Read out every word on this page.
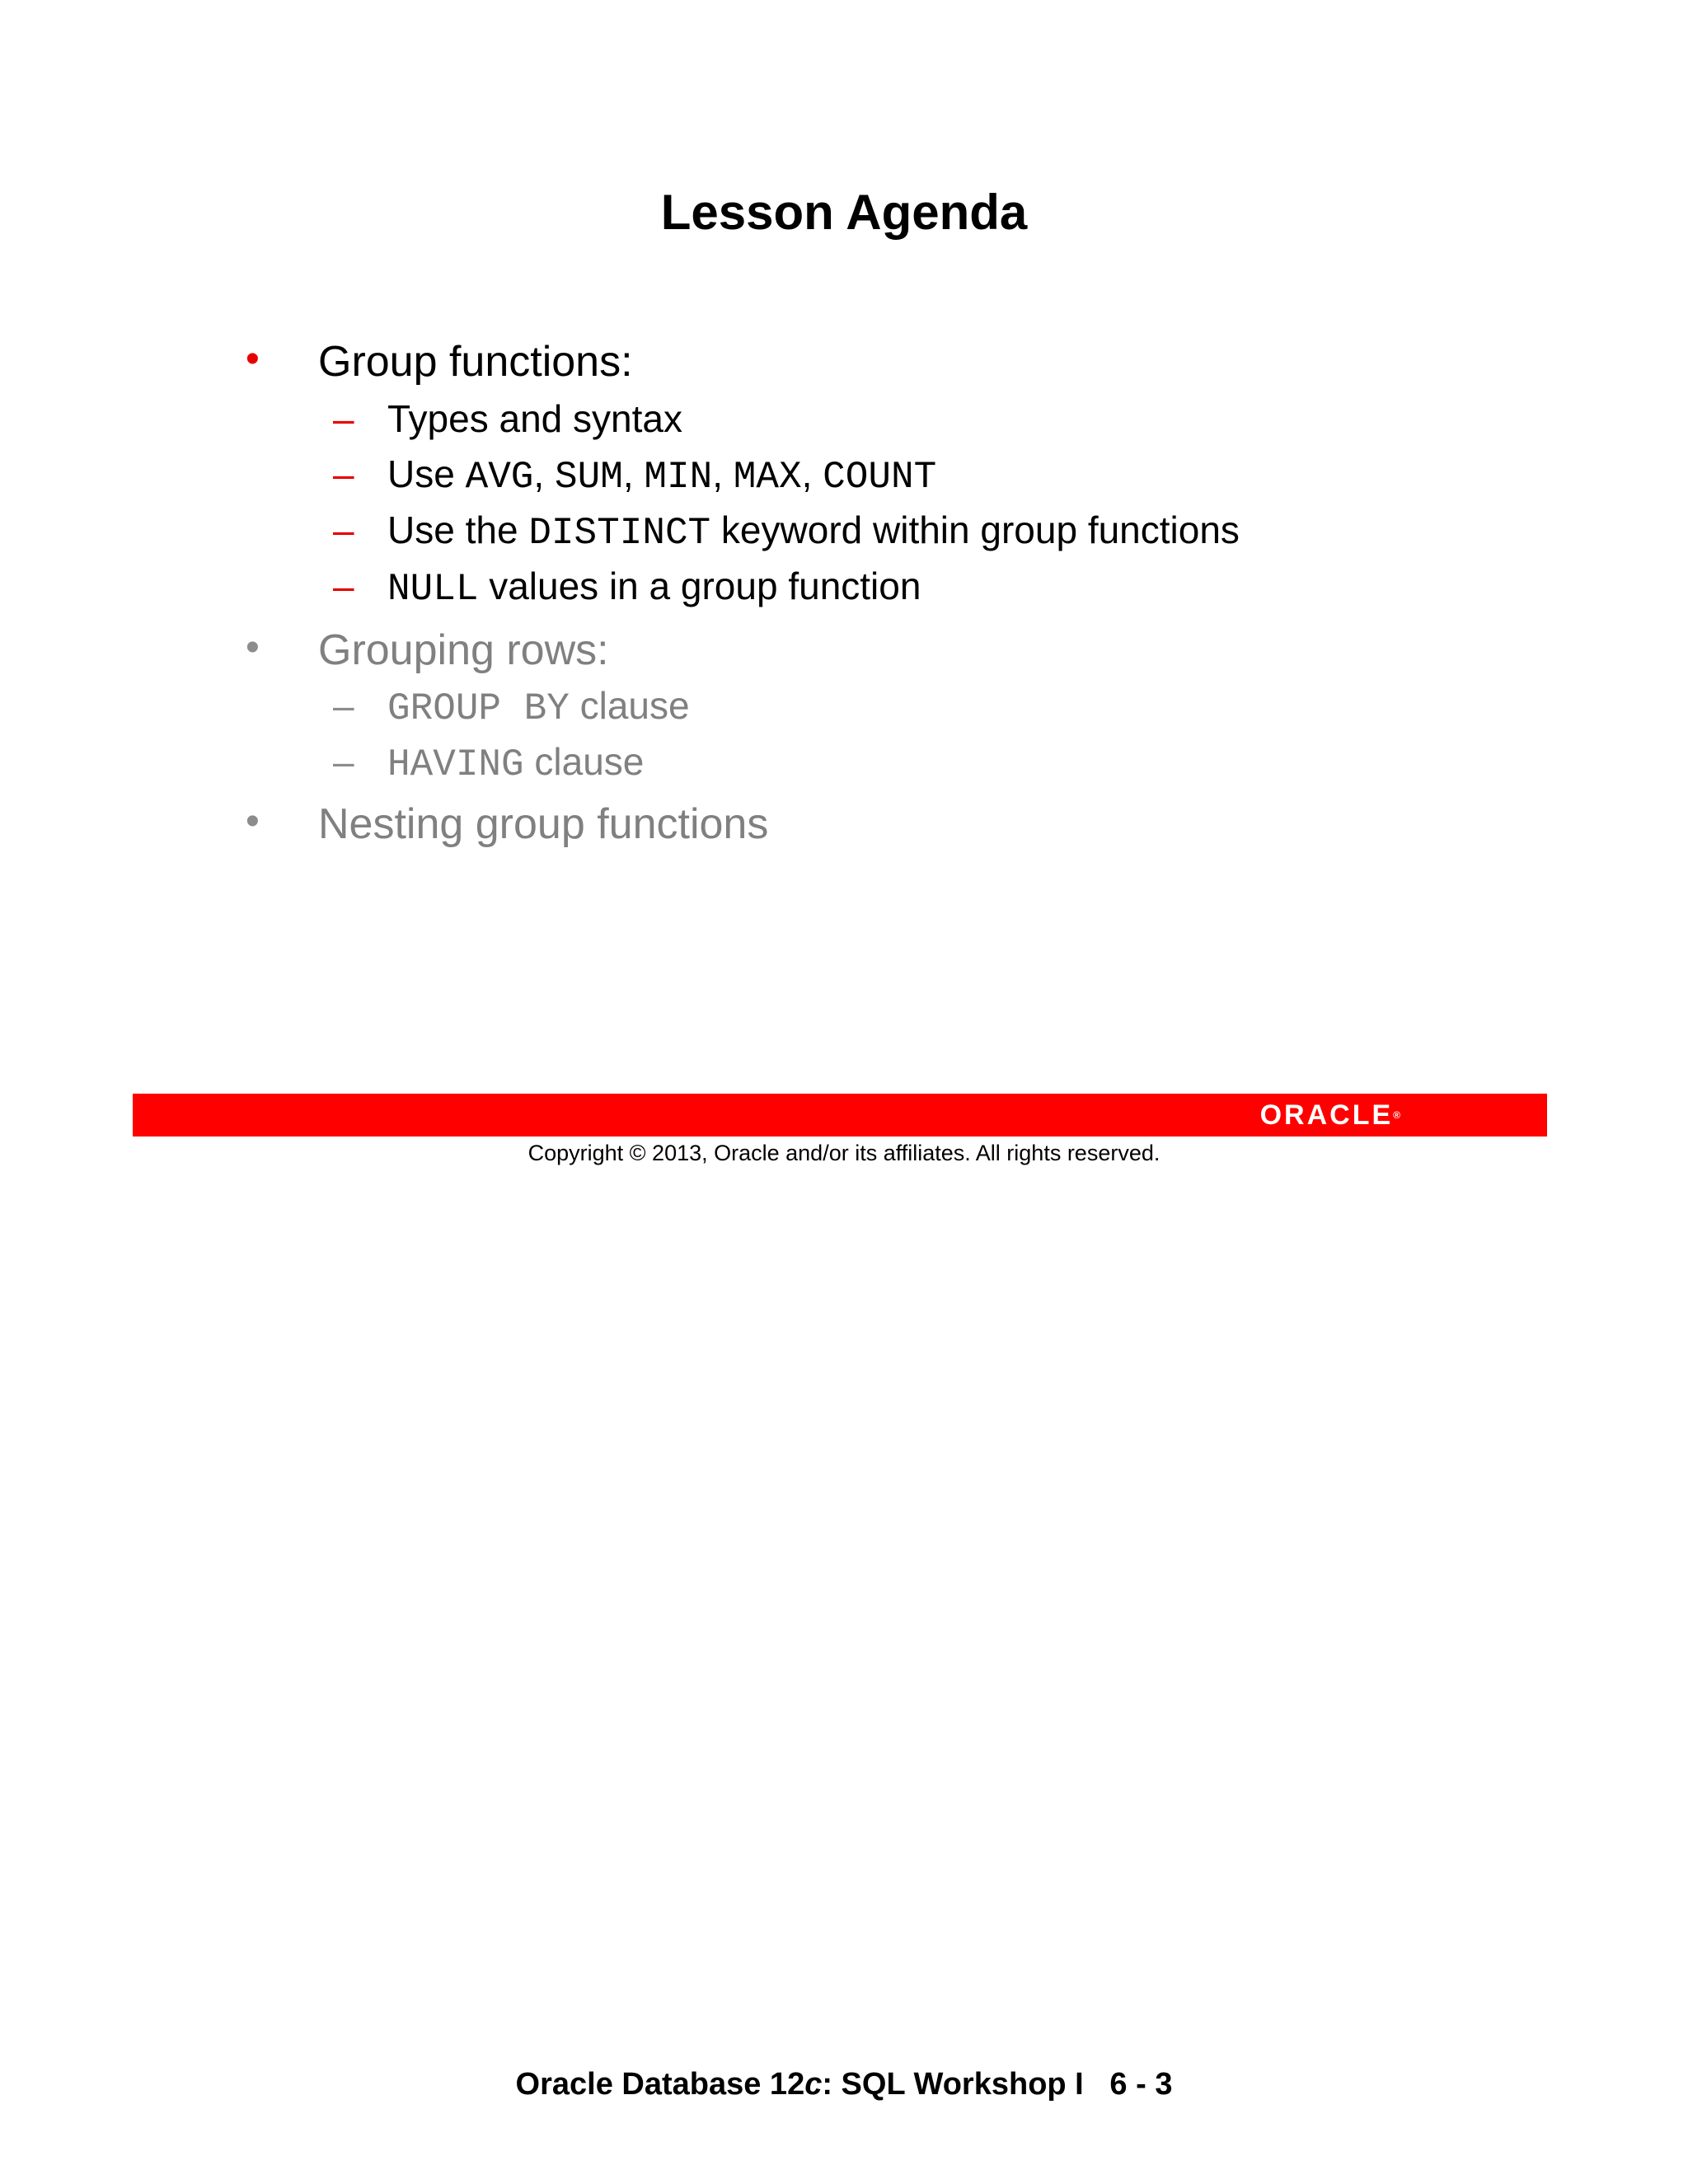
Lesson Agenda
• Group functions:
– Types and syntax
– Use AVG, SUM, MIN, MAX, COUNT
– Use the DISTINCT keyword within group functions
– NULL values in a group function
• Grouping rows:
– GROUP BY clause
– HAVING clause
• Nesting group functions
ORACLE®
Copyright © 2013, Oracle and/or its affiliates. All rights reserved.
Oracle Database 12c: SQL Workshop I   6 - 3
